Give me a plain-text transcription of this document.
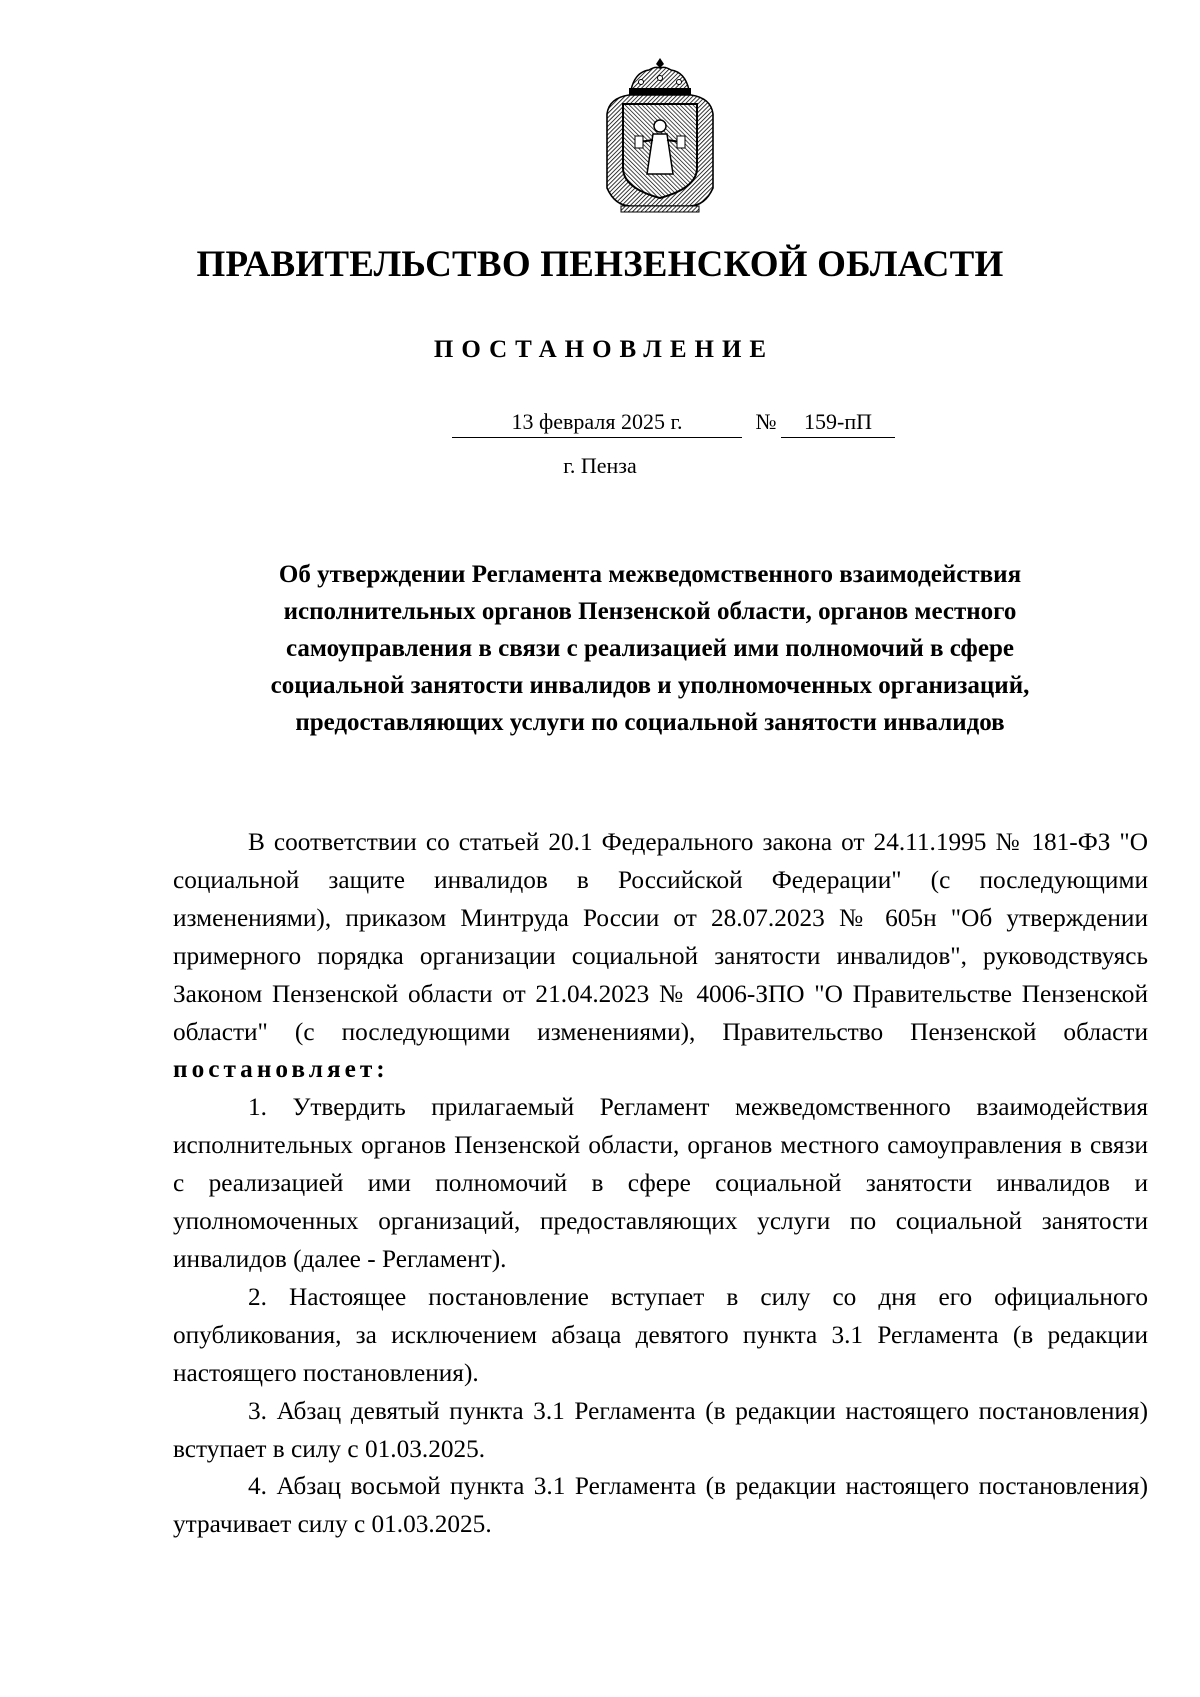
ПРАВИТЕЛЬСТВО ПЕНЗЕНСКОЙ ОБЛАСТИ
ПОСТАНОВЛЕНИЕ
13 февраля 2025 г.	№	159-пП
г. Пенза
Об утверждении Регламента межведомственного взаимодействия
исполнительных органов Пензенской области, органов местного
самоуправления в связи с реализацией ими полномочий в сфере
социальной занятости инвалидов и уполномоченных организаций,
предоставляющих услуги по социальной занятости инвалидов

В соответствии со статьей 20.1 Федерального закона от 24.11.1995 № 181-ФЗ "О социальной защите инвалидов в Российской Федерации" (с последующими изменениями), приказом Минтруда России от 28.07.2023 № 605н "Об утверждении примерного порядка организации социальной занятости инвалидов", руководствуясь Законом Пензенской области от 21.04.2023 № 4006-ЗПО "О Правительстве Пензенской области" (с последующими изменениями), Правительство Пензенской области постановляет:

1. Утвердить прилагаемый Регламент межведомственного взаимодействия исполнительных органов Пензенской области, органов местного самоуправления в связи с реализацией ими полномочий в сфере социальной занятости инвалидов и уполномоченных организаций, предоставляющих услуги по социальной занятости инвалидов (далее - Регламент).

2. Настоящее постановление вступает в силу со дня его официального опубликования, за исключением абзаца девятого пункта 3.1 Регламента (в редакции настоящего постановления).

3. Абзац девятый пункта 3.1 Регламента (в редакции настоящего постановления) вступает в силу с 01.03.2025.

4. Абзац восьмой пункта 3.1 Регламента (в редакции настоящего постановления) утрачивает силу с 01.03.2025.
